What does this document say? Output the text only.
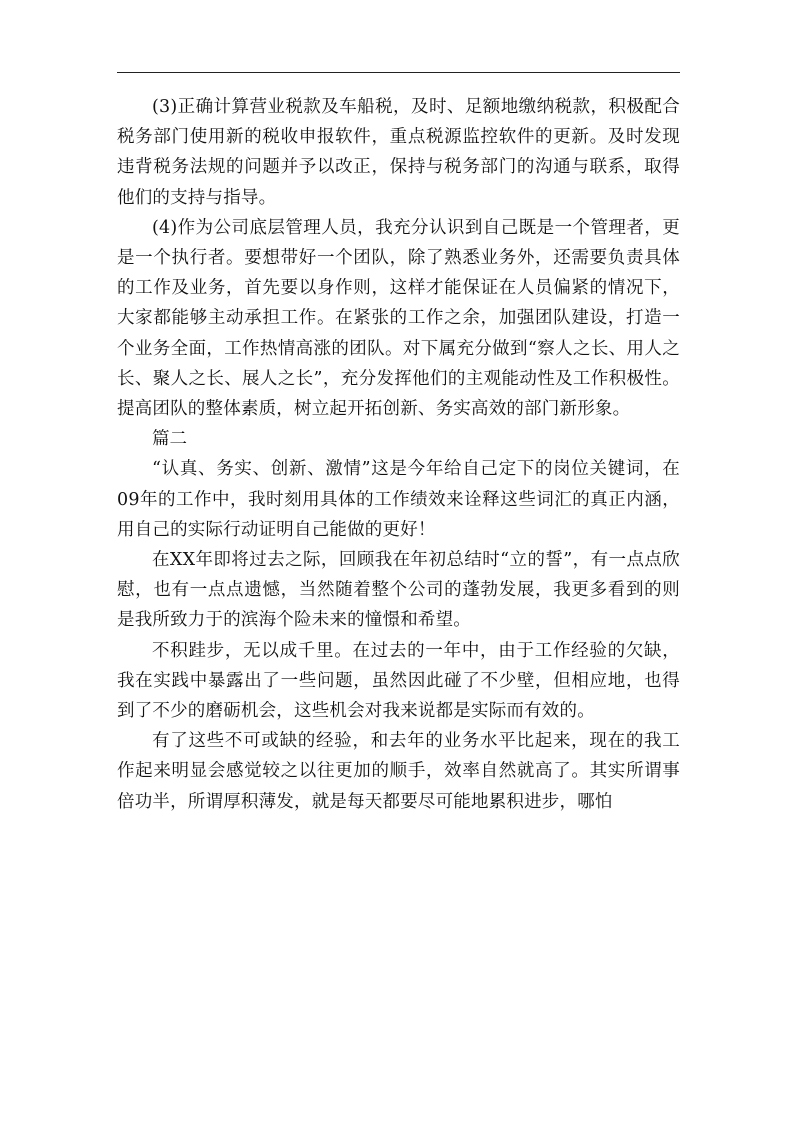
(3)正确计算营业税款及车船税，及时、足额地缴纳税款，积极配合税务部门使用新的税收申报软件，重点税源监控软件的更新。及时发现违背税务法规的问题并予以改正，保持与税务部门的沟通与联系，取得他们的支持与指导。

(4)作为公司底层管理人员，我充分认识到自己既是一个管理者，更是一个执行者。要想带好一个团队，除了熟悉业务外，还需要负责具体的工作及业务，首先要以身作则，这样才能保证在人员偏紧的情况下，大家都能够主动承担工作。在紧张的工作之余，加强团队建设，打造一个业务全面，工作热情高涨的团队。对下属充分做到“察人之长、用人之长、聚人之长、展人之长”，充分发挥他们的主观能动性及工作积极性。提高团队的整体素质，树立起开拓创新、务实高效的部门新形象。

篇二

“认真、务实、创新、激情”这是今年给自己定下的岗位关键词，在09年的工作中，我时刻用具体的工作绩效来诠释这些词汇的真正内涵，用自己的实际行动证明自己能做的更好！

在XX年即将过去之际，回顾我在年初总结时“立的誓”，有一点点欣慰，也有一点点遗憾，当然随着整个公司的蓬勃发展，我更多看到的则是我所致力于的滨海个险未来的憧憬和希望。

不积跬步，无以成千里。在过去的一年中，由于工作经验的欠缺，我在实践中暴露出了一些问题，虽然因此碰了不少壁，但相应地，也得到了不少的磨砺机会，这些机会对我来说都是实际而有效的。

有了这些不可或缺的经验，和去年的业务水平比起来，现在的我工作起来明显会感觉较之以往更加的顺手，效率自然就高了。其实所谓事倍功半，所谓厚积薄发，就是每天都要尽可能地累积进步，哪怕
